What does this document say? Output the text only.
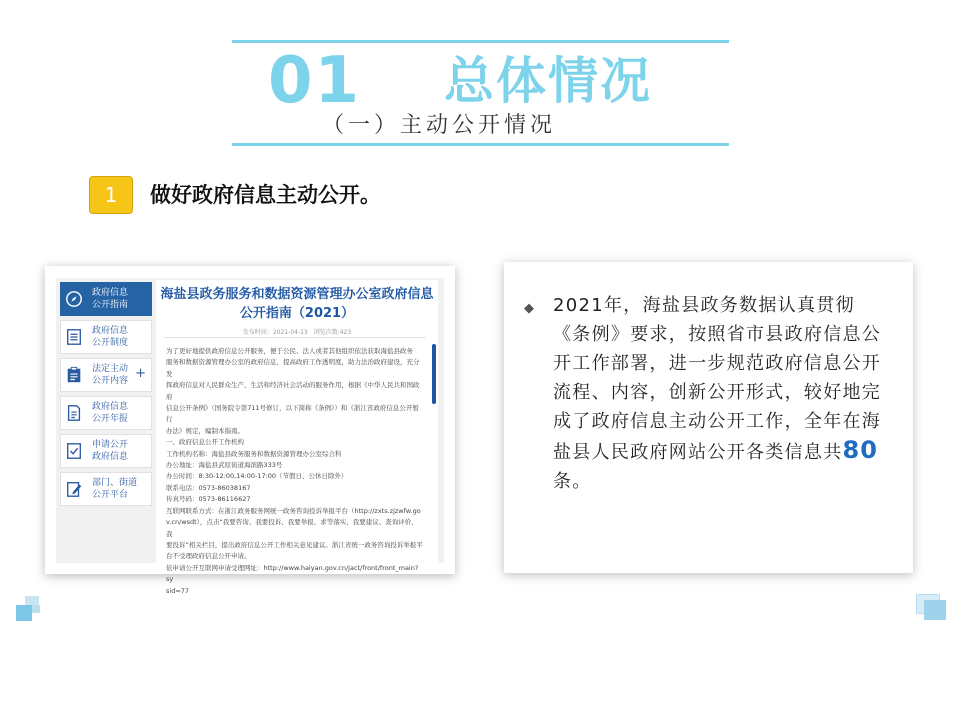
01 总体情况
（一）主动公开情况
1	做好政府信息主动公开。
政府信息
公开指南
政府信息
公开制度
法定主动
公开内容 +
政府信息
公开年报
申请公开
政府信息
部门、街道
公开平台
海盐县政务服务和数据资源管理办公室政府信息公开指南（2021）
发布时间：2021-04-13　浏览次数:423

为了更好地提供政府信息公开服务，便于公民、法人或者其他组织依法获取海盐县政务

服务和数据资源管理办公室的政府信息，提高政府工作透明度，助力法治政府建设，充分发

挥政府信息对人民群众生产、生活和经济社会活动的服务作用，根据《中华人民共和国政府

信息公开条例》（国务院令第711号修订，以下简称《条例》）和《浙江省政府信息公开暂行

办法》规定，编制本指南。

一、政府信息公开工作机构

工作机构名称：海盐县政务服务和数据资源管理办公室综合科

办公地址：海盐县武原街道海滨路333号

办公时间：8:30-12:00,14:00-17:00（节假日、公休日除外）

联系电话：0573-86038167

传真号码：0573-86116627

互联网联系方式：在浙江政务服务网统一政务咨询投诉举报平台（http://zxts.zjzwfw.go

v.cn/wsdt），点击“我要咨询、我要投诉、我要举报、求等落实、我要建议、查询评价、我

要投诉”相关栏目，提出政府信息公开工作相关意见建议。浙江省统一政务咨询投诉举报平

台不受理政府信息公开申请。

依申请公开互联网申请受理网址：http://www.haiyan.gov.cn/jact/front/front_main?sy

sid=77

◆ 2021年，海盐县政务数据认真贯彻《条例》要求，按照省市县政府信息公开工作部署，进一步规范政府信息公开流程、内容，创新公开形式，较好地完成了政府信息主动公开工作，全年在海盐县人民政府网站公开各类信息共80条。
